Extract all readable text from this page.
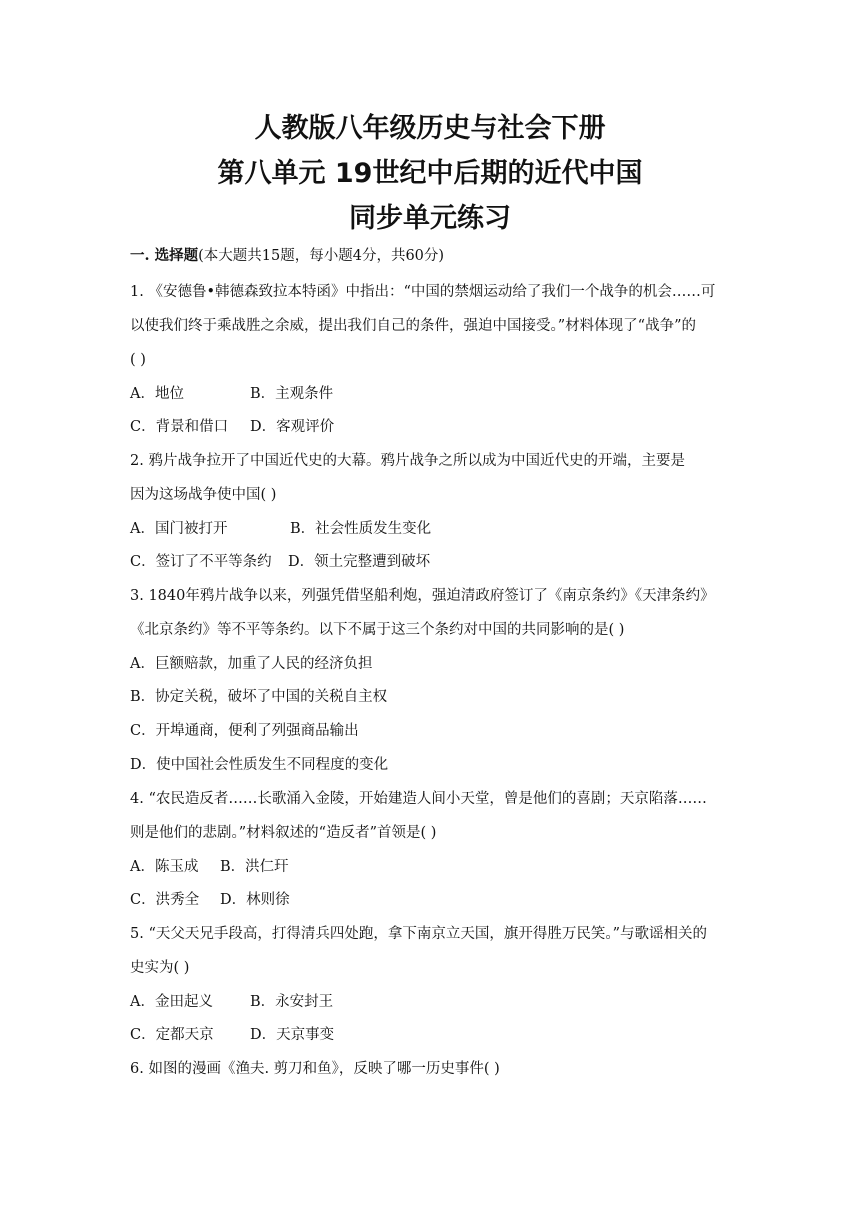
人教版八年级历史与社会下册
第八单元 19世纪中后期的近代中国
同步单元练习
一. 选择题(本大题共15题，每小题4分，共60分)
1. 《安德鲁•韩德森致拉本特函》中指出：“中国的禁烟运动给了我们一个战争的机会……可
以使我们终于乘战胜之余威，提出我们自己的条件，强迫中国接受。”材料体现了“战争”的
( )
A．地位	B．主观条件
C．背景和借口 D．客观评价
2. 鸦片战争拉开了中国近代史的大幕。鸦片战争之所以成为中国近代史的开端，主要是
因为这场战争使中国( )
A．国门被打开	B．社会性质发生变化
C．签订了不平等条约 D．领土完整遭到破坏
3. 1840年鸦片战争以来，列强凭借坚船利炮，强迫清政府签订了《南京条约》《天津条约》
《北京条约》等不平等条约。以下不属于这三个条约对中国的共同影响的是( )
A．巨额赔款，加重了人民的经济负担
B．协定关税，破坏了中国的关税自主权
C．开埠通商，便利了列强商品输出
D．使中国社会性质发生不同程度的变化
4. “农民造反者……长歌涌入金陵，开始建造人间小天堂，曾是他们的喜剧；天京陷落……
则是他们的悲剧。”材料叙述的“造反者”首领是( )
A．陈玉成 B．洪仁玕
C．洪秀全 D．林则徐
5. “天父天兄手段高，打得清兵四处跑，拿下南京立天国，旗开得胜万民笑。”与歌谣相关的
史实为( )
A．金田起义	B．永安封王
C．定都天京	D．天京事变
6. 如图的漫画《渔夫. 剪刀和鱼》，反映了哪一历史事件( )
